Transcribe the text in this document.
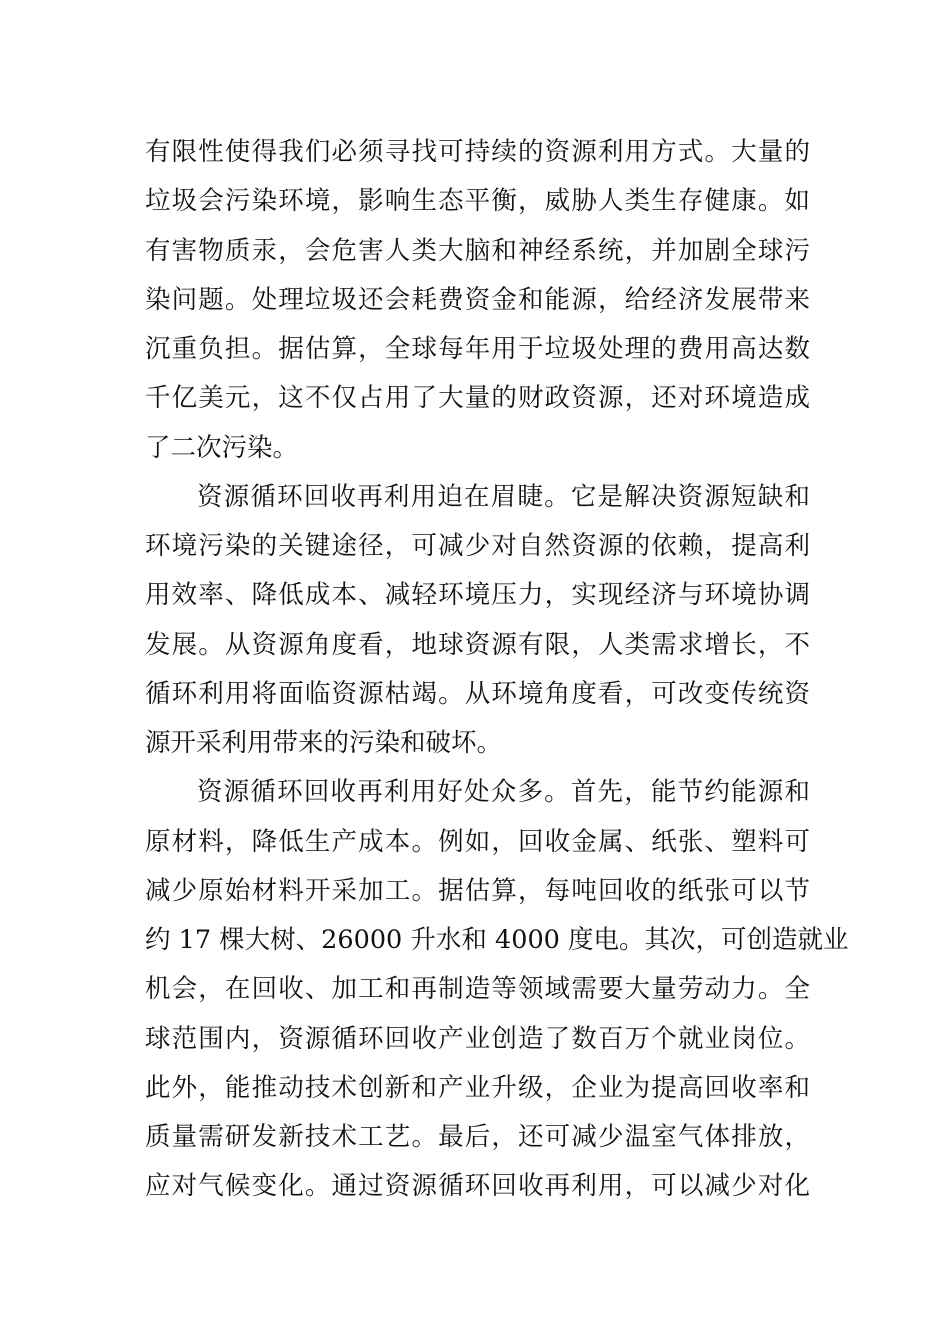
有限性使得我们必须寻找可持续的资源利用方式。大量的
垃圾会污染环境，影响生态平衡，威胁人类生存健康。如
有害物质汞，会危害人类大脑和神经系统，并加剧全球污
染问题。处理垃圾还会耗费资金和能源，给经济发展带来
沉重负担。据估算，全球每年用于垃圾处理的费用高达数
千亿美元，这不仅占用了大量的财政资源，还对环境造成
了二次污染。
资源循环回收再利用迫在眉睫。它是解决资源短缺和
环境污染的关键途径，可减少对自然资源的依赖，提高利
用效率、降低成本、减轻环境压力，实现经济与环境协调
发展。从资源角度看，地球资源有限，人类需求增长，不
循环利用将面临资源枯竭。从环境角度看，可改变传统资
源开采利用带来的污染和破坏。
资源循环回收再利用好处众多。首先，能节约能源和
原材料，降低生产成本。例如，回收金属、纸张、塑料可
减少原始材料开采加工。据估算，每吨回收的纸张可以节
约 17 棵大树、26000 升水和 4000 度电。其次，可创造就业
机会，在回收、加工和再制造等领域需要大量劳动力。全
球范围内，资源循环回收产业创造了数百万个就业岗位。
此外，能推动技术创新和产业升级，企业为提高回收率和
质量需研发新技术工艺。最后，还可减少温室气体排放，
应对气候变化。通过资源循环回收再利用，可以减少对化
